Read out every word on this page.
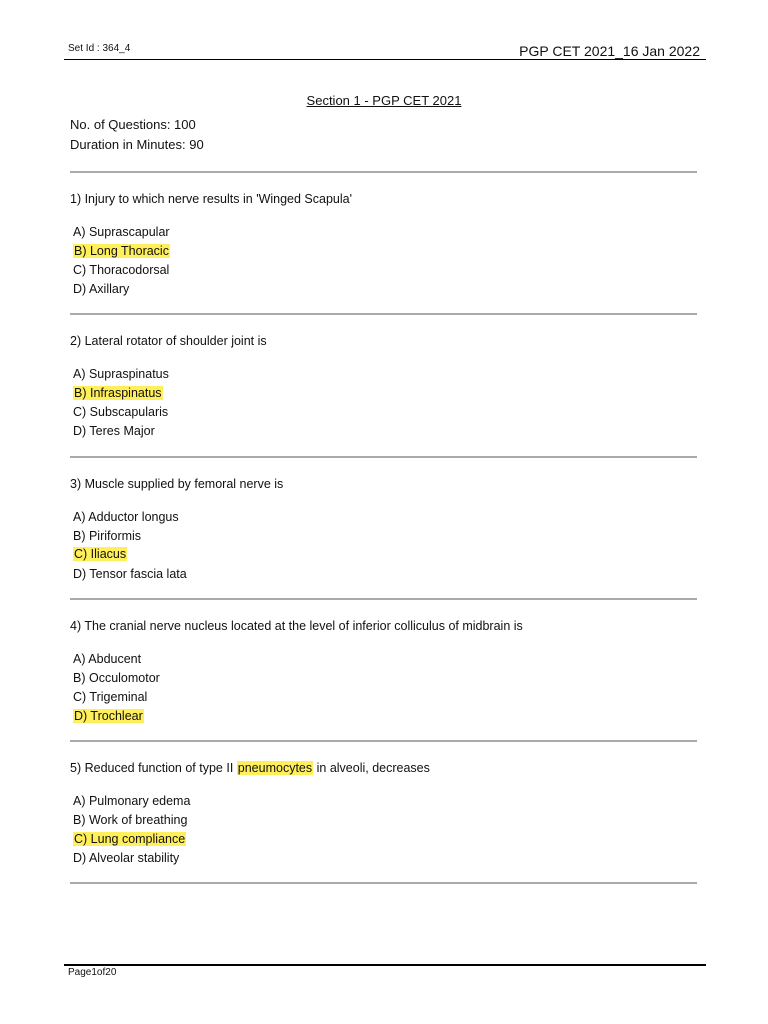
Set Id : 364_4	PGP CET 2021_16 Jan 2022
Section 1 - PGP CET 2021
No. of Questions: 100
Duration in Minutes: 90
1) Injury to which nerve results in 'Winged Scapula'
A) Suprascapular
B) Long Thoracic
C) Thoracodorsal
D) Axillary
2) Lateral rotator of shoulder joint is
A) Supraspinatus
B) Infraspinatus
C) Subscapularis
D) Teres Major
3) Muscle supplied by femoral nerve is
A) Adductor longus
B) Piriformis
C) Iliacus
D) Tensor fascia lata
4) The cranial nerve nucleus located at the level of inferior colliculus of midbrain is
A) Abducent
B) Occulomotor
C) Trigeminal
D) Trochlear
5) Reduced function of type II pneumocytes in alveoli, decreases
A) Pulmonary edema
B) Work of breathing
C) Lung compliance
D) Alveolar stability
Page1of20
